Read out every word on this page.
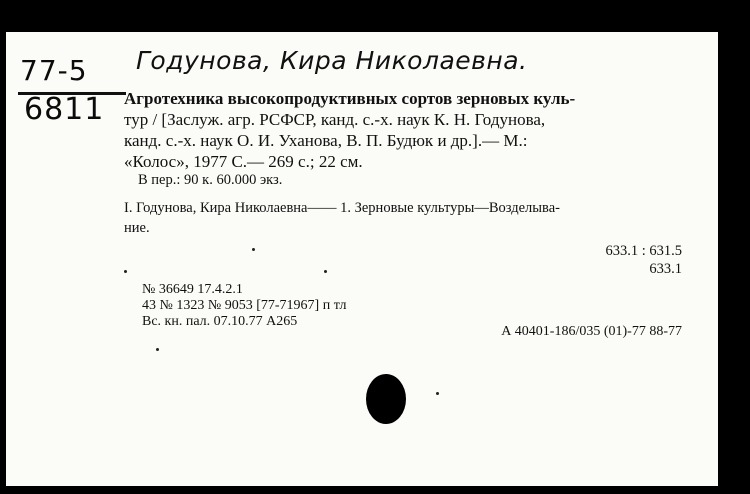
77-5
6811
Годунова, Кира Николаевна.
Агротехника высокопродуктивных сортов зерновых куль-
тур / [Заслуж. агр. РСФСР, канд. с.-х. наук К. Н. Годунова,
канд. с.-х. наук О. И. Уханова, В. П. Будюк и др.].— М.:
«Колос», 1977 С.— 269 с.; 22 см.
В пер.: 90 к. 60.000 экз.
I. Годунова, Кира Николаевна—— 1. Зерновые культуры—Возделыва-
ние.
633.1 : 631.5
633.1
№ 36649 17.4.2.1
43 № 1323 № 9053 [77-71967] п тл
Вс. кн. пал. 07.10.77 А265
А 40401-186/035 (01)-77 88-77
